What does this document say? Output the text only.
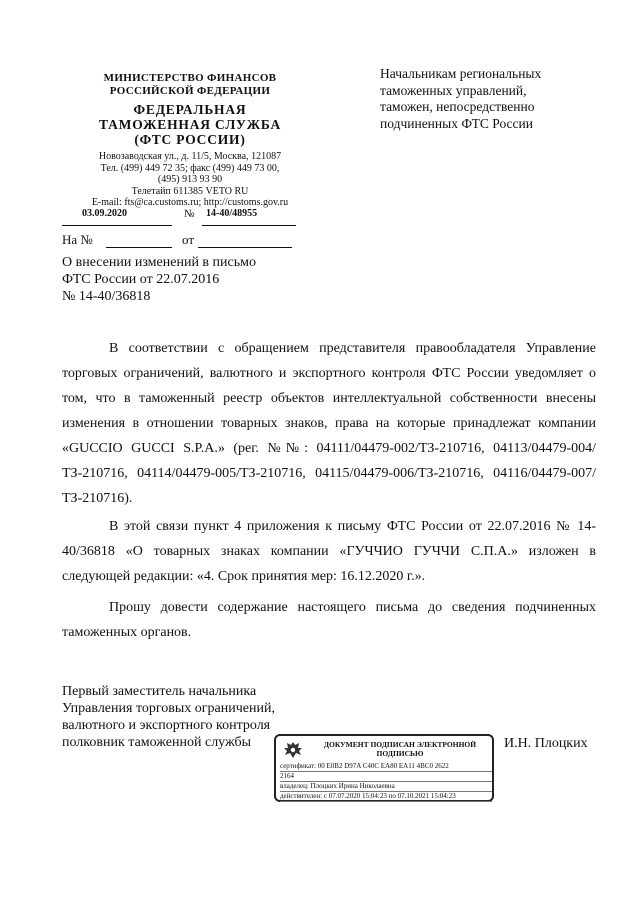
МИНИСТЕРСТВО ФИНАНСОВ
РОССИЙСКОЙ ФЕДЕРАЦИИ
ФЕДЕРАЛЬНАЯ
ТАМОЖЕННАЯ СЛУЖБА
(ФТС РОССИИ)
Новозаводская ул., д. 11/5, Москва, 121087
Тел. (499) 449 72 35; факс (499) 449 73 00,
(495) 913 93 90
Телетайп 611385 VETO RU
E-mail: fts@ca.customs.ru; http://customs.gov.ru
03.09.2020	№ 14-40/48955
На №	от
Начальникам региональных
таможенных управлений,
таможен, непосредственно
подчиненных ФТС России
О внесении изменений в письмо
ФТС России от 22.07.2016
№ 14-40/36818

В соответствии с обращением представителя правообладателя Управление торговых ограничений, валютного и экспортного контроля ФТС России уведомляет о том, что в таможенный реестр объектов интеллектуальной собственности внесены изменения в отношении товарных знаков, права на которые принадлежат компании «GUCCIO GUCCI S.P.A.» (рег. №№: 04111/04479-002/ТЗ-210716, 04113/04479-004/ТЗ-210716, 04114/04479-005/ТЗ-210716, 04115/04479-006/ТЗ-210716, 04116/04479-007/ТЗ-210716).

В этой связи пункт 4 приложения к письму ФТС России от 22.07.2016 № 14-40/36818 «О товарных знаках компании «ГУЧЧИО ГУЧЧИ С.П.А.» изложен в следующей редакции: «4. Срок принятия мер: 16.12.2020 г.».

Прошу довести содержание настоящего письма до сведения подчиненных таможенных органов.

Первый заместитель начальника
Управления торговых ограничений,
валютного и экспортного контроля
полковник таможенной службы	ДОКУМЕНТ ПОДПИСАН ЭЛЕКТРОННОЙ ПОДПИСЬЮ
сертификат: 00 E0B2 D97A C40C EA80 EA11 4BC0 2622
2164
владелец: Плоцких Ирина Николаевна
действителен: с 07.07.2020 15:04:23 по 07.10.2021 15:04:23
И.Н. Плоцких
